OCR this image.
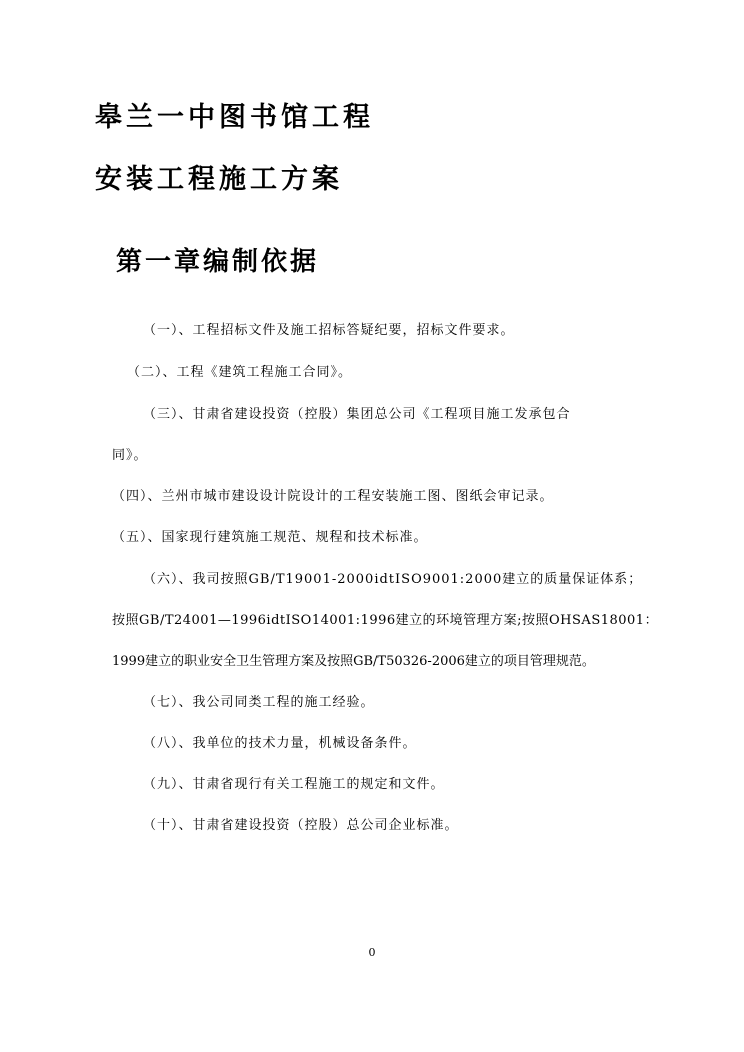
皋兰一中图书馆工程
安装工程施工方案
第一章编制依据
（一）、工程招标文件及施工招标答疑纪要，招标文件要求。
（二）、工程《建筑工程施工合同》。
（三）、甘肃省建设投资（控股）集团总公司《工程项目施工发承包合
同》。
（四）、兰州市城市建设设计院设计的工程安装施工图、图纸会审记录。
（五）、国家现行建筑施工规范、规程和技术标准。
（六）、我司按照GB/T19001-2000idtISO9001:2000建立的质量保证体系；
按照GB/T24001—1996idtISO14001:1996建立的环境管理方案;按照OHSAS18001：
1999建立的职业安全卫生管理方案及按照GB/T50326-2006建立的项目管理规范。
（七）、我公司同类工程的施工经验。
（八）、我单位的技术力量，机械设备条件。
（九）、甘肃省现行有关工程施工的规定和文件。
（十）、甘肃省建设投资（控股）总公司企业标准。
0
